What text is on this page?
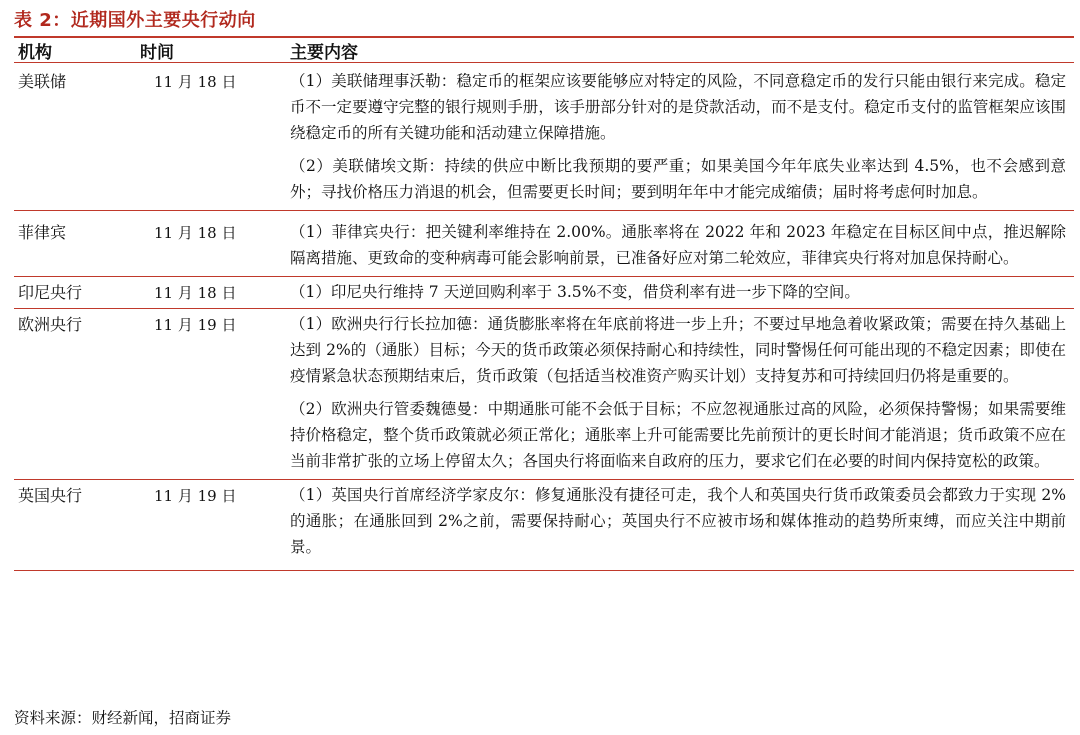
表 2：近期国外主要央行动向
机构	时间	主要内容
美联储	11 月 18 日	（1）美联储理事沃勒：稳定币的框架应该要能够应对特定的风险，不同意稳定币的发行只能由银行来完成。稳定币不一定要遵守完整的银行规则手册，该手册部分针对的是贷款活动，而不是支付。稳定币支付的监管框架应该围绕稳定币的所有关键功能和活动建立保障措施。

（2）美联储埃文斯：持续的供应中断比我预期的要严重；如果美国今年年底失业率达到 4.5%，也不会感到意外；寻找价格压力消退的机会，但需要更长时间；要到明年年中才能完成缩债；届时将考虑何时加息。

菲律宾	11 月 18 日	（1）菲律宾央行：把关键利率维持在 2.00%。通胀率将在 2022 年和 2023 年稳定在目标区间中点，推迟解除隔离措施、更致命的变种病毒可能会影响前景，已准备好应对第二轮效应，菲律宾央行将对加息保持耐心。

印尼央行	11 月 18 日	（1）印尼央行维持 7 天逆回购利率于 3.5%不变，借贷利率有进一步下降的空间。

欧洲央行	11 月 19 日	（1）欧洲央行行长拉加德：通货膨胀率将在年底前将进一步上升；不要过早地急着收紧政策；需要在持久基础上达到 2%的（通胀）目标；今天的货币政策必须保持耐心和持续性，同时警惕任何可能出现的不稳定因素；即使在疫情紧急状态预期结束后，货币政策（包括适当校准资产购买计划）支持复苏和可持续回归仍将是重要的。

（2）欧洲央行管委魏德曼：中期通胀可能不会低于目标；不应忽视通胀过高的风险，必须保持警惕；如果需要维持价格稳定，整个货币政策就必须正常化；通胀率上升可能需要比先前预计的更长时间才能消退；货币政策不应在当前非常扩张的立场上停留太久；各国央行将面临来自政府的压力，要求它们在必要的时间内保持宽松的政策。

英国央行	11 月 19 日	（1）英国央行首席经济学家皮尔：修复通胀没有捷径可走，我个人和英国央行货币政策委员会都致力于实现 2%的通胀；在通胀回到 2%之前，需要保持耐心；英国央行不应被市场和媒体推动的趋势所束缚，而应关注中期前景。

资料来源：财经新闻，招商证券
